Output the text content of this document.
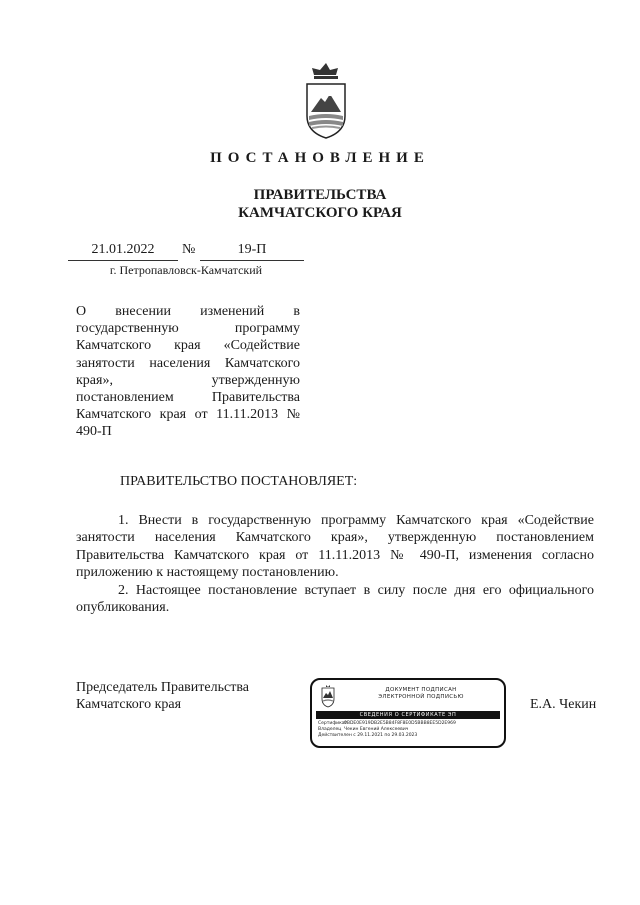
ПОСТАНОВЛЕНИЕ
ПРАВИТЕЛЬСТВА
КАМЧАТСКОГО КРАЯ
21.01.2022	№	19-П
г. Петропавловск-Камчатский

О внесении изменений в государственную программу Камчатского края «Содействие занятости населения Камчатского края», утвержденную постановлением Правительства Камчатского края от 11.11.2013 № 490-П

ПРАВИТЕЛЬСТВО ПОСТАНОВЛЯЕТ:

1. Внести в государственную программу Камчатского края «Содействие занятости населения Камчатского края», утвержденную постановлением Правительства Камчатского края от 11.11.2013 № 490-П, изменения согласно приложению к настоящему постановлению.

2. Настоящее постановление вступает в силу после дня его официального опубликования.

Председатель Правительства
Камчатского края
ДОКУМЕНТ ПОДПИСАН
ЭЛЕКТРОННОЙ ПОДПИСЬЮ
СВЕДЕНИЯ О СЕРТИФИКАТЕ ЭП
Сертификат0BDE0E919DB2E5B84F8F8E0D5BBB8EE5D2E969
Владелец Чекин Евгений Алексеевич
Действителен с 29.11.2021 по 29.03.2023
Е.А. Чекин
